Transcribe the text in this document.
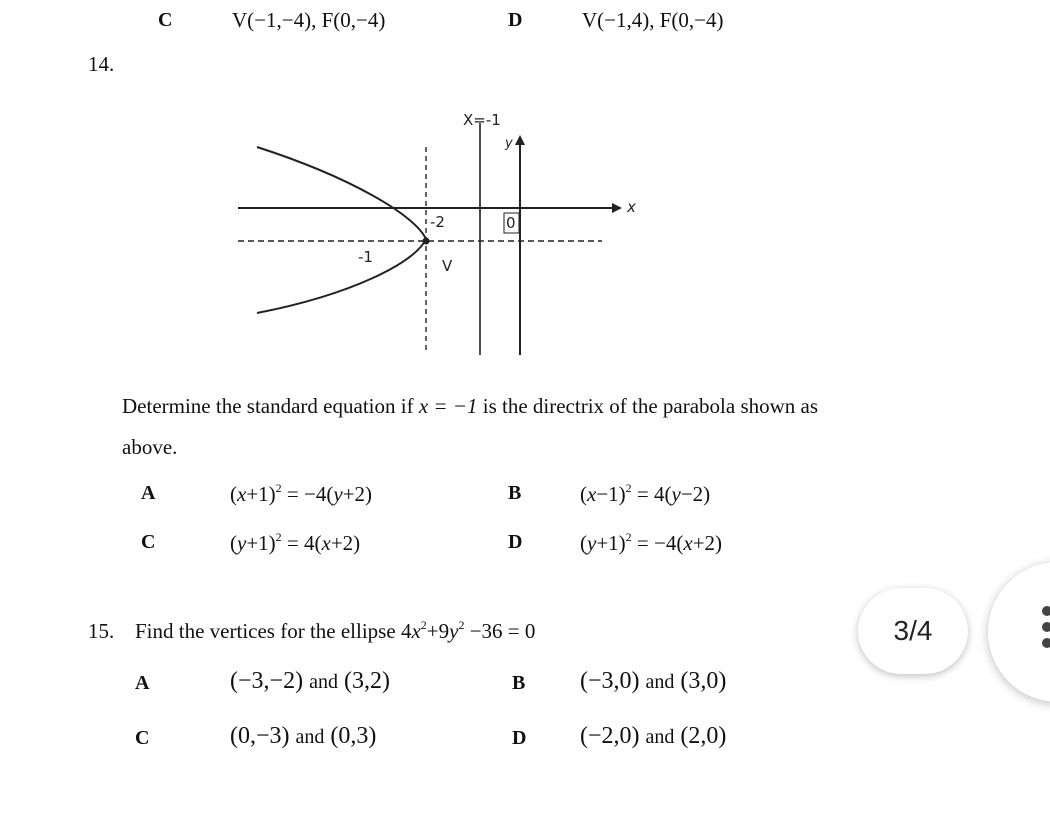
C	V(−1,−4), F(0,−4)	D	V(−1,4), F(0,−4)
14.
X=-1
y
x
-2	0
-1	V
Determine the standard equation if x = −1 is the directrix of the parabola shown as
above.
A	$(x+1)^2 = -4(y+2)$	B	$(x-1)^2 = 4(y-2)$
C	$(y+1)^2 = 4(x+2)$	D	$(y+1)^2 = -4(x+2)$
15. Find the vertices for the ellipse $4x^2+9y^2 -36 = 0$
A	(−3,−2) and (3,2)	B (−3,0) and (3,0)
C	(0,−3) and (0,3)	D (−2,0) and (2,0)
3/4
